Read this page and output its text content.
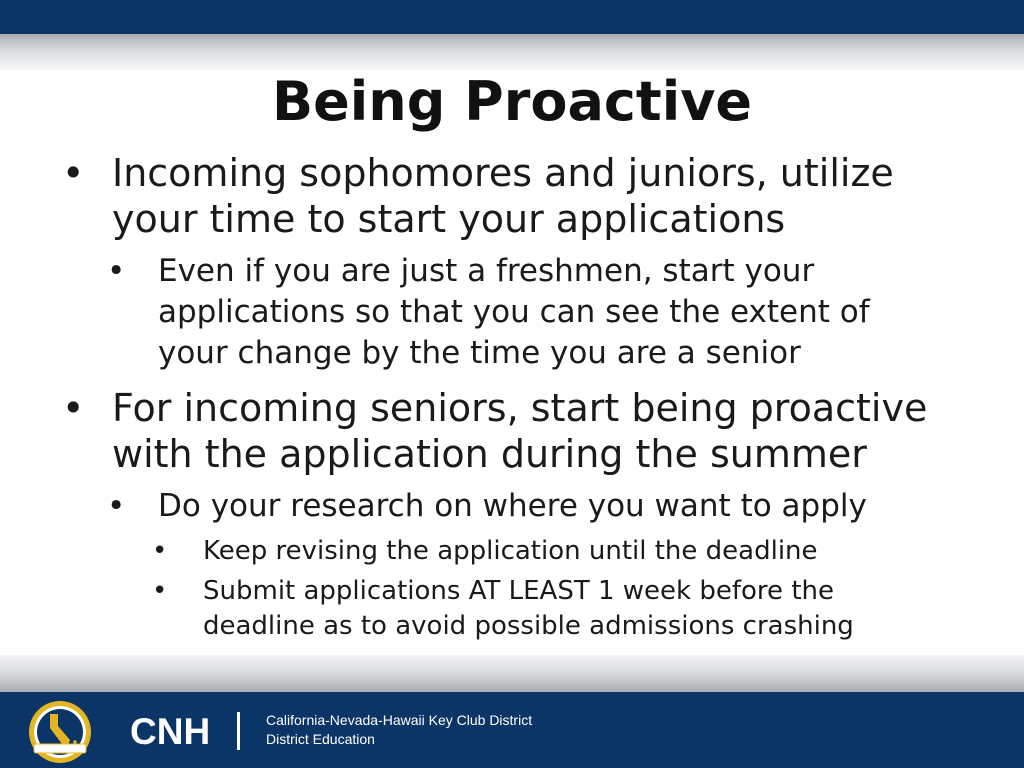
Being Proactive
• Incoming sophomores and juniors, utilize
your time to start your applications
• Even if you are just a freshmen, start your
applications so that you can see the extent of
your change by the time you are a senior
• For incoming seniors, start being proactive
with the application during the summer
• Do your research on where you want to apply
• Keep revising the application until the deadline
• Submit applications AT LEAST 1 week before the
deadline as to avoid possible admissions crashing
CNH	California-Nevada-Hawaii Key Club District
District Education
